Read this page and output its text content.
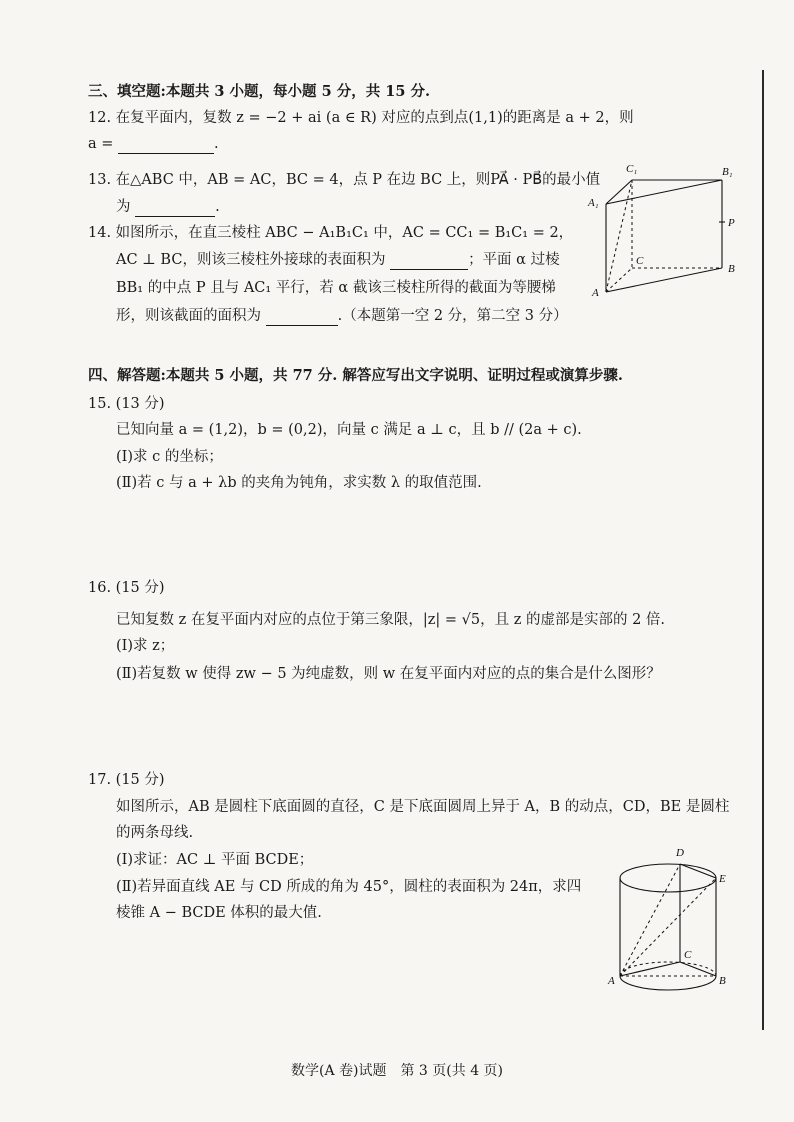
三、填空题:本题共 3 小题，每小题 5 分，共 15 分.
12. 在复平面内，复数 z = −2 + ai (a ∈ R) 对应的点到点(1,1)的距离是 a + 2，则
a =	.
13. 在△ABC 中，AB = AC，BC = 4，点 P 在边 BC 上，则PA⃗ · PB⃗的最小值
为	.
14. 如图所示，在直三棱柱 ABC − A₁B₁C₁ 中，AC = CC₁ = B₁C₁ = 2，
AC ⊥ BC，则该三棱柱外接球的表面积为	；平面 α 过棱
BB₁ 的中点 P 且与 AC₁ 平行，若 α 截该三棱柱所得的截面为等腰梯
形，则该截面的面积为	.（本题第一空 2 分，第二空 3 分）
C₁	B₁
A₁
P
C
B
A
四、解答题:本题共 5 小题，共 77 分. 解答应写出文字说明、证明过程或演算步骤.
15. (13 分)
已知向量 a = (1,2)，b = (0,2)，向量 c 满足 a ⊥ c，且 b // (2a + c).
(Ⅰ)求 c 的坐标；
(Ⅱ)若 c 与 a + λb 的夹角为钝角，求实数 λ 的取值范围.
16. (15 分)
已知复数 z 在复平面内对应的点位于第三象限，|z| = √5，且 z 的虚部是实部的 2 倍.
(Ⅰ)求 z；
(Ⅱ)若复数 w 使得 zw − 5 为纯虚数，则 w 在复平面内对应的点的集合是什么图形？
17. (15 分)
如图所示，AB 是圆柱下底面圆的直径，C 是下底面圆周上异于 A，B 的动点，CD，BE 是圆柱
的两条母线.
(Ⅰ)求证：AC ⊥ 平面 BCDE；
(Ⅱ)若异面直线 AE 与 CD 所成的角为 45°，圆柱的表面积为 24π，求四
棱锥 A − BCDE 体积的最大值.
D
E
C
A	B
数学(A 卷)试题　第 3 页(共 4 页)
